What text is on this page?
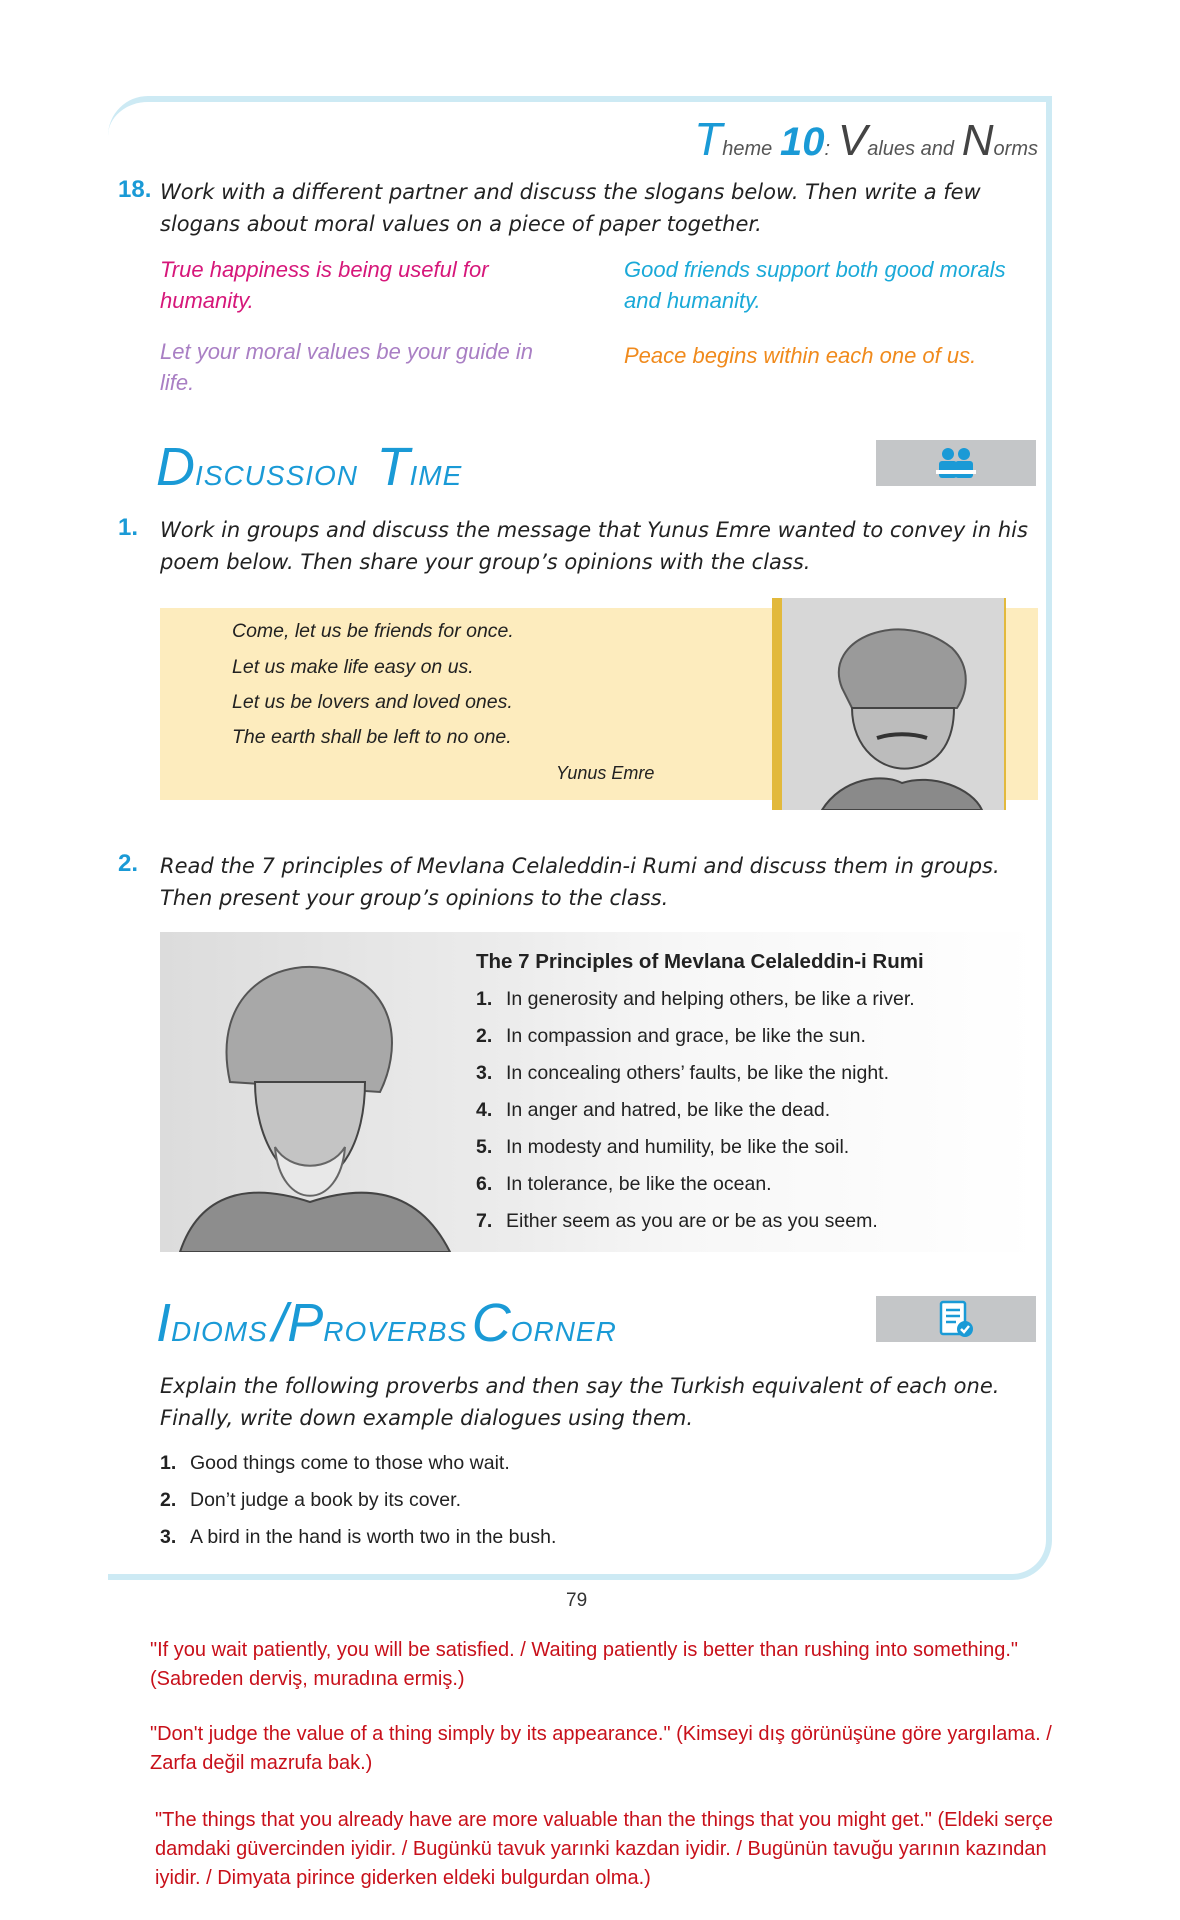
Theme 10: Values and Norms
18. Work with a different partner and discuss the slogans below. Then write a few
slogans about moral values on a piece of paper together.
True happiness is being useful for
humanity.
Good friends support both good morals
and humanity.
Let your moral values be your guide in
life.
Peace begins within each one of us.
DISCUSSION TIME
1. Work in groups and discuss the message that Yunus Emre wanted to convey in his
poem below. Then share your group’s opinions with the class.
Come, let us be friends for once.
Let us make life easy on us.
Let us be lovers and loved ones.
The earth shall be left to no one.
Yunus Emre
2. Read the 7 principles of Mevlana Celaleddin-i Rumi and discuss them in groups.
Then present your group’s opinions to the class.
The 7 Principles of Mevlana Celaleddin-i Rumi
1. In generosity and helping others, be like a river.
2. In compassion and grace, be like the sun.
3. In concealing others’ faults, be like the night.
4. In anger and hatred, be like the dead.
5. In modesty and humility, be like the soil.
6. In tolerance, be like the ocean.
7. Either seem as you are or be as you seem.
IDIOMS /PROVERBS CORNER
Explain the following proverbs and then say the Turkish equivalent of each one.
Finally, write down example dialogues using them.
1. Good things come to those who wait.
2. Don’t judge a book by its cover.
3. A bird in the hand is worth two in the bush.
79
"If you wait patiently, you will be satisfied. / Waiting patiently is better than rushing into something."
(Sabreden derviş, muradına ermiş.)
"Don't judge the value of a thing simply by its appearance." (Kimseyi dış görünüşüne göre yargılama. /
Zarfa değil mazrufa bak.)
"The things that you already have are more valuable than the things that you might get." (Eldeki serçe
damdaki güvercinden iyidir. / Bugünkü tavuk yarınki kazdan iyidir. / Bugünün tavuğu yarının kazından
iyidir. / Dimyata pirince giderken eldeki bulgurdan olma.)
